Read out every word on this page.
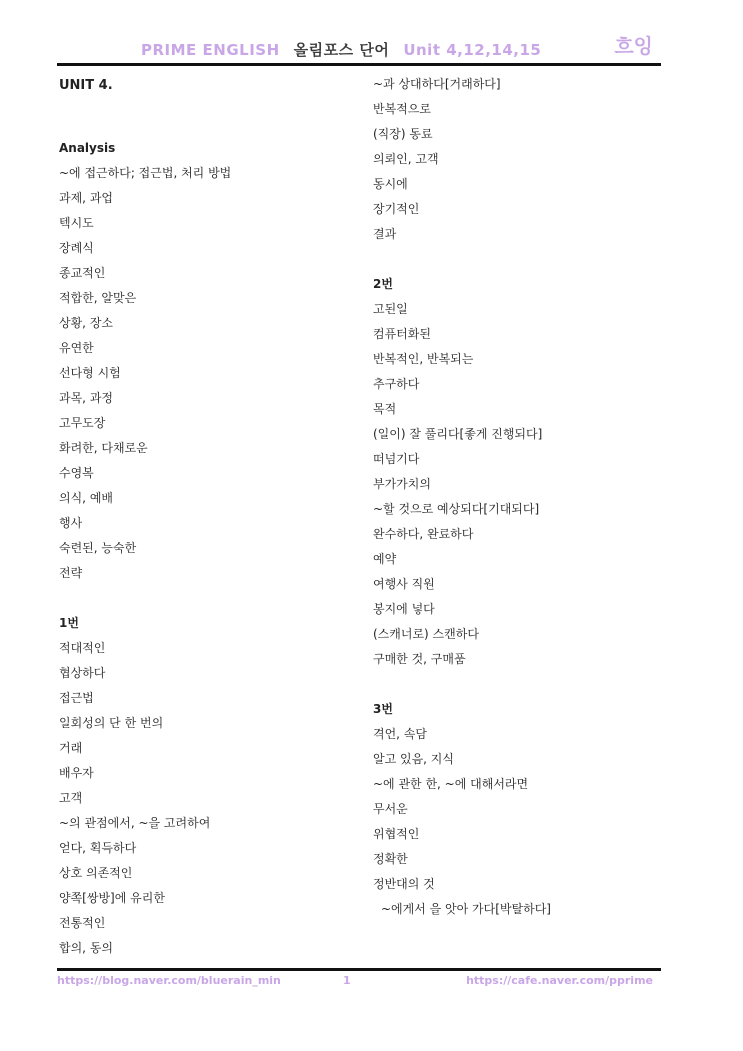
PRIME ENGLISH 올림포스 단어 Unit 4,12,14,15	흐잉
UNIT 4.
Analysis
~에 접근하다; 접근법, 처리 방법
과제, 과업
텍시도
장례식
종교적인
적합한, 알맞은
상황, 장소
유연한
선다형 시험
과목, 과정
고무도장
화려한, 다채로운
수영복
의식, 예배
행사
숙련된, 능숙한
전략
1번
적대적인
협상하다
접근법
일회성의 단 한 번의
거래
배우자
고객
~의 관점에서, ~을 고려하여
얻다, 획득하다
상호 의존적인
양쪽[쌍방]에 유리한
전통적인
합의, 동의
~과 상대하다[거래하다]
반복적으로
(직장) 동료
의뢰인, 고객
동시에
장기적인
결과
2번
고된일
컴퓨터화된
반복적인, 반복되는
추구하다
목적
(일이) 잘 풀리다[좋게 진행되다]
떠넘기다
부가가치의
~할 것으로 예상되다[기대되다]
완수하다, 완료하다
예약
여행사 직원
봉지에 넣다
(스캐너로) 스캔하다
구매한 것, 구매품
3번
격언, 속담
알고 있음, 지식
~에 관한 한, ~에 대해서라면
무서운
위협적인
정확한
정반대의 것
~에게서 을 앗아 가다[박탈하다]
https://blog.naver.com/bluerain_min	1	https://cafe.naver.com/pprime
